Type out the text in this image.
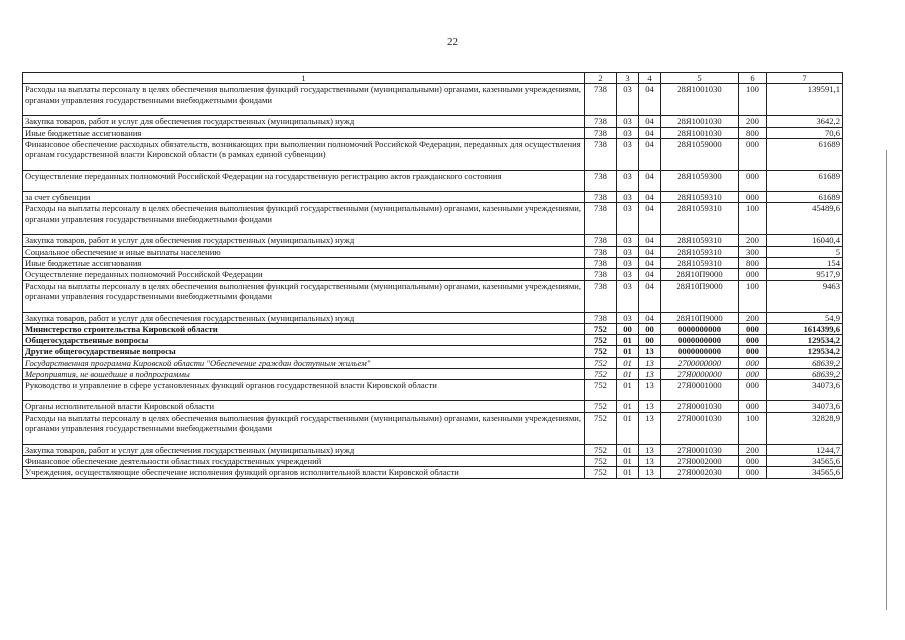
22
1	2	3	4	5	6	7
Расходы на выплаты персоналу в целях обеспечения выполнения функций государственными (муниципальными) органами, казенными учреждениями, органами управления государственными внебюджетными фондами	738	03	04	28Я1001030	100	139591,1
Закупка товаров, работ и услуг для обеспечения государственных (муниципальных) нужд	738	03	04	28Я1001030	200	3642,2
Иные бюджетные ассигнования	738	03	04	28Я1001030	800	70,6
Финансовое обеспечение расходных обязательств, возникающих при выполнении полномочий Российской Федерации, переданных для осуществления органам государственной власти Кировской области (в рамках единой субвенции)	738	03	04	28Я1059000	000	61689
Осуществление переданных полномочий Российской Федерации на государственную регистрацию актов гражданского состояния	738	03	04	28Я1059300	000	61689
за счет субвенции	738	03	04	28Я1059310	000	61689
Расходы на выплаты персоналу в целях обеспечения выполнения функций государственными (муниципальными) органами, казенными учреждениями, органами управления государственными внебюджетными фондами	738	03	04	28Я1059310	100	45489,6
Закупка товаров, работ и услуг для обеспечения государственных (муниципальных) нужд	738	03	04	28Я1059310	200	16040,4
Социальное обеспечение и иные выплаты населению	738	03	04	28Я1059310	300	5
Иные бюджетные ассигнования	738	03	04	28Я1059310	800	154
Осуществление переданных полномочий Российской Федерации	738	03	04	28Я10П9000	000	9517,9
Расходы на выплаты персоналу в целях обеспечения выполнения функций государственными (муниципальными) органами, казенными учреждениями, органами управления государственными внебюджетными фондами	738	03	04	28Я10П9000	100	9463
Закупка товаров, работ и услуг для обеспечения государственных (муниципальных) нужд	738	03	04	28Я10П9000	200	54,9
Министерство строительства Кировской области	752	00	00	0000000000	000	1614399,6
Общегосударственные вопросы	752	01	00	0000000000	000	129534,2
Другие общегосударственные вопросы	752	01	13	0000000000	000	129534,2
Государственная программа Кировской области "Обеспечение граждан доступным жильем"	752	01	13	2700000000	000	68639,2
Мероприятия, не вошедшие в подпрограммы	752	01	13	27Я0000000	000	68639,2
Руководство и управление в сфере установленных функций органов государственной власти Кировской области	752	01	13	27Я0001000	000	34073,6
Органы исполнительной власти Кировской области	752	01	13	27Я0001030	000	34073,6
Расходы на выплаты персоналу в целях обеспечения выполнения функций государственными (муниципальными) органами, казенными учреждениями, органами управления государственными внебюджетными фондами	752	01	13	27Я0001030	100	32828,9
Закупка товаров, работ и услуг для обеспечения государственных (муниципальных) нужд	752	01	13	27Я0001030	200	1244,7
Финансовое обеспечение деятельности областных государственных учреждений	752	01	13	27Я0002000	000	34565,6
Учреждения, осуществляющие обеспечение исполнения функций органов исполнительной власти Кировской области	752	01	13	27Я0002030	000	34565,6
